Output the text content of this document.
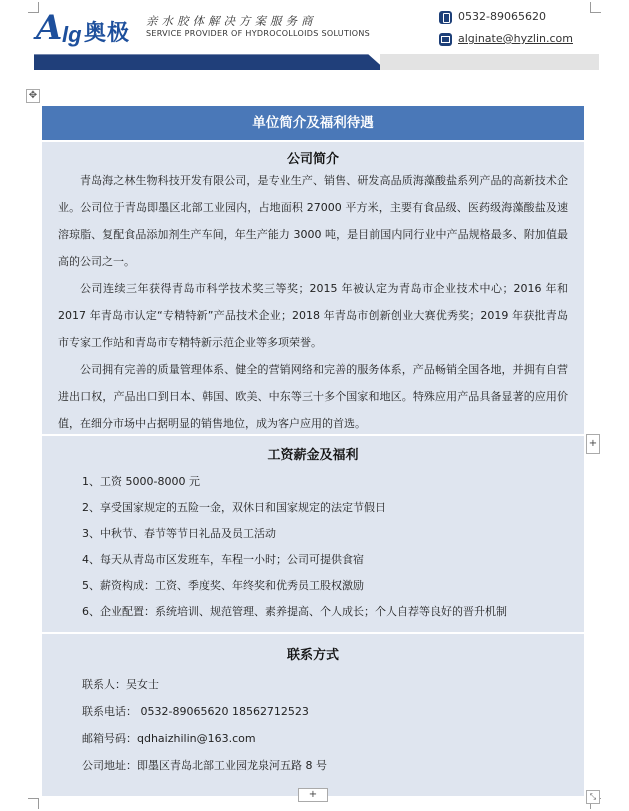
A lg 奥极 亲水胶体解决方案服务商
SERVICE PROVIDER OF HYDROCOLLOIDS SOLUTIONS
0532-89065620
alginate@hyzlin.com
✥
单位简介及福利待遇
公司简介
青岛海之林生物科技开发有限公司，是专业生产、销售、研发高品质海藻酸盐系列产品的高新技术企业。公司位于青岛即墨区北部工业园内，占地面积 27000 平方米，主要有食品级、医药级海藻酸盐及速溶琼脂、复配食品添加剂生产车间，年生产能力 3000 吨，是目前国内同行业中产品规格最多、附加值最高的公司之一。
公司连续三年获得青岛市科学技术奖三等奖；2015 年被认定为青岛市企业技术中心；2016 年和 2017 年青岛市认定“专精特新”产品技术企业；2018 年青岛市创新创业大赛优秀奖；2019 年获批青岛市专家工作站和青岛市专精特新示范企业等多项荣誉。
公司拥有完善的质量管理体系、健全的营销网络和完善的服务体系，产品畅销全国各地，并拥有自营进出口权，产品出口到日本、韩国、欧美、中东等三十多个国家和地区。特殊应用产品具备显著的应用价值，在细分市场中占据明显的销售地位，成为客户应用的首选。
工资薪金及福利
1、工资 5000-8000 元
2、享受国家规定的五险一金，双休日和国家规定的法定节假日
3、中秋节、春节等节日礼品及员工活动
4、每天从青岛市区发班车，车程一小时；公司可提供食宿
5、薪资构成：工资、季度奖、年终奖和优秀员工股权激励
6、企业配置：系统培训、规范管理、素养提高、个人成长；个人自荐等良好的晋升机制
联系方式
联系人：吴女士
联系电话： 0532-89065620 18562712523
邮箱号码：qdhaizhilin@163.com
公司地址：即墨区青岛北部工业园龙泉河五路 8 号
+
+	⤡
